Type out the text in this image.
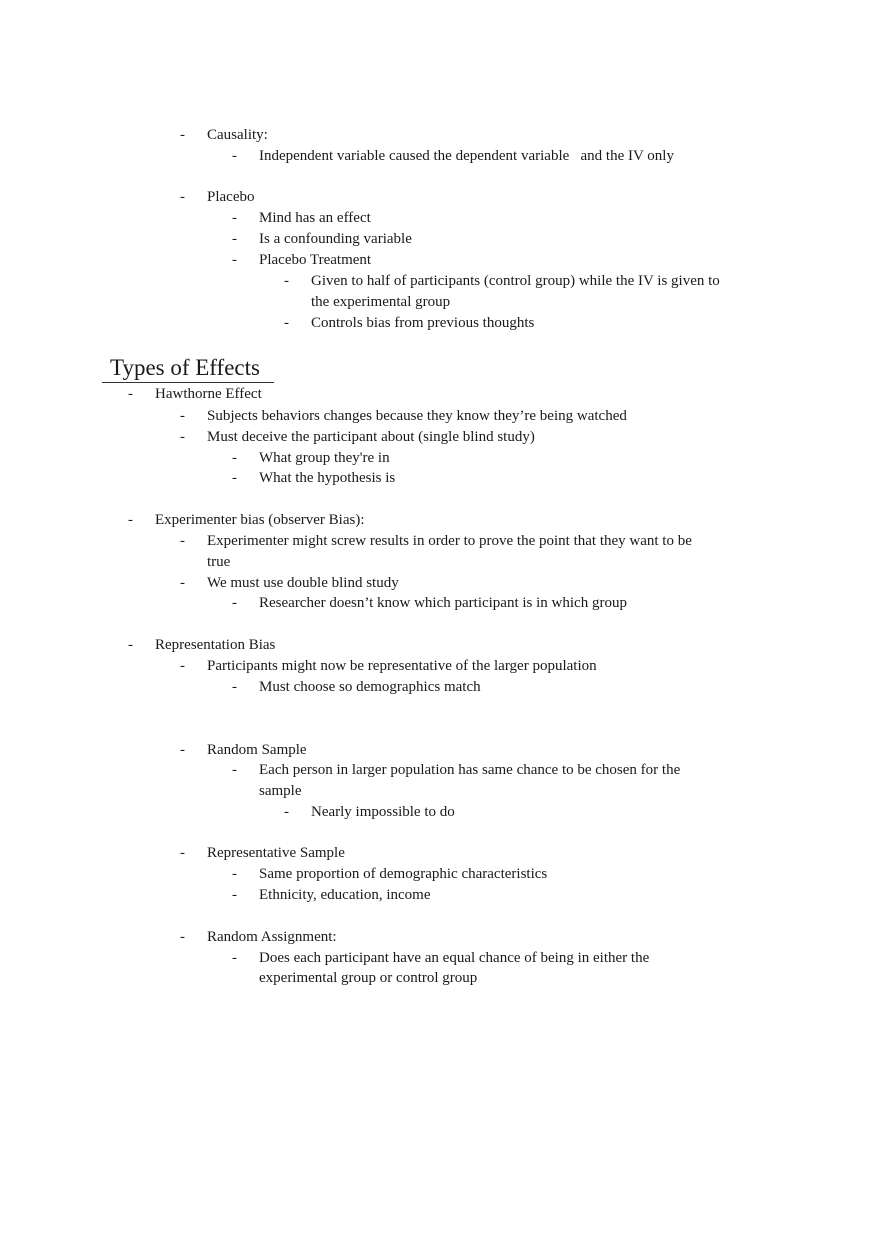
- Causality:
- Independent variable caused the dependent variable   and the IV only
- Placebo
- Mind has an effect
- Is a confounding variable
- Placebo Treatment
- Given to half of participants (control group) while the IV is given to
the experimental group
- Controls bias from previous thoughts
Types of Effects
- Hawthorne Effect
- Subjects behaviors changes because they know they’re being watched
- Must deceive the participant about (single blind study)
- What group they're in
- What the hypothesis is
- Experimenter bias (observer Bias):
- Experimenter might screw results in order to prove the point that they want to be
true
- We must use double blind study
- Researcher doesn’t know which participant is in which group
- Representation Bias
- Participants might now be representative of the larger population
- Must choose so demographics match
- Random Sample
- Each person in larger population has same chance to be chosen for the
sample
- Nearly impossible to do
- Representative Sample
- Same proportion of demographic characteristics
- Ethnicity, education, income
- Random Assignment:
- Does each participant have an equal chance of being in either the
experimental group or control group
